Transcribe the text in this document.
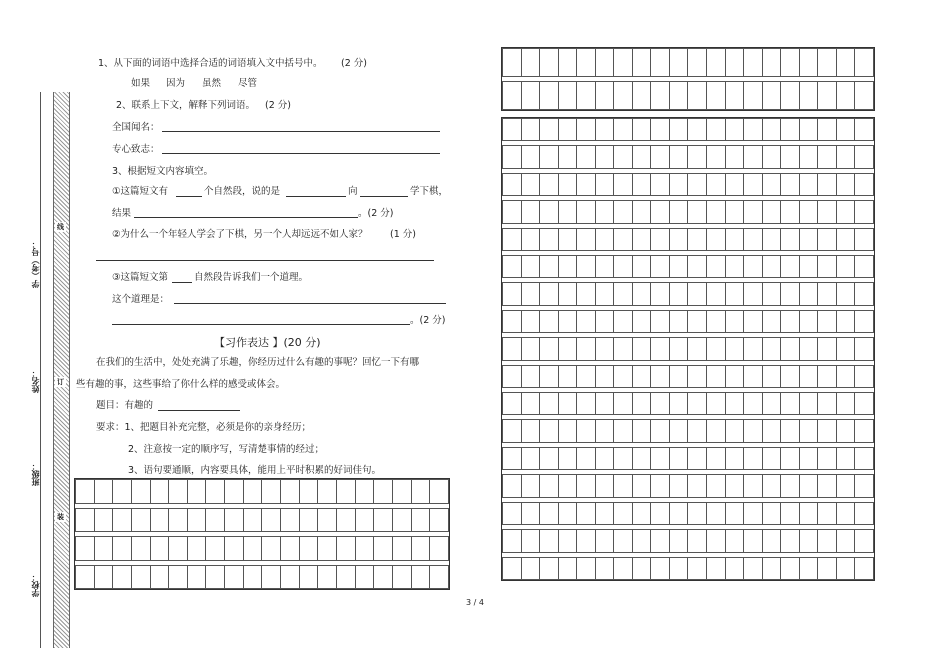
线
订
装
学校：
班级：
姓名：
学（考）号：
1、从下面的词语中选择合适的词语填入文中括号中。 (2 分)
如果 因为 虽然 尽管
2、联系上下文，解释下列词语。 (2 分)
全国闻名：
专心致志：
3、根据短文内容填空。
①这篇短文有	个自然段，说的是	向	学下棋，
结果	。(2 分)
②为什么一个年轻人学会了下棋，另一个人却远远不如人家？ (1 分)
③这篇短文第	自然段告诉我们一个道理。
这个道理是：
。(2 分)
【习作表达 】(20 分)
在我们的生活中，处处充满了乐趣，你经历过什么有趣的事呢？回忆一下有哪
些有趣的事，这些事给了你什么样的感受或体会。
题目：有趣的
要求：1、把题目补充完整，必须是你的亲身经历；
2、注意按一定的顺序写，写清楚事情的经过；
3、语句要通顺，内容要具体，能用上平时积累的好词佳句。

3 / 4
